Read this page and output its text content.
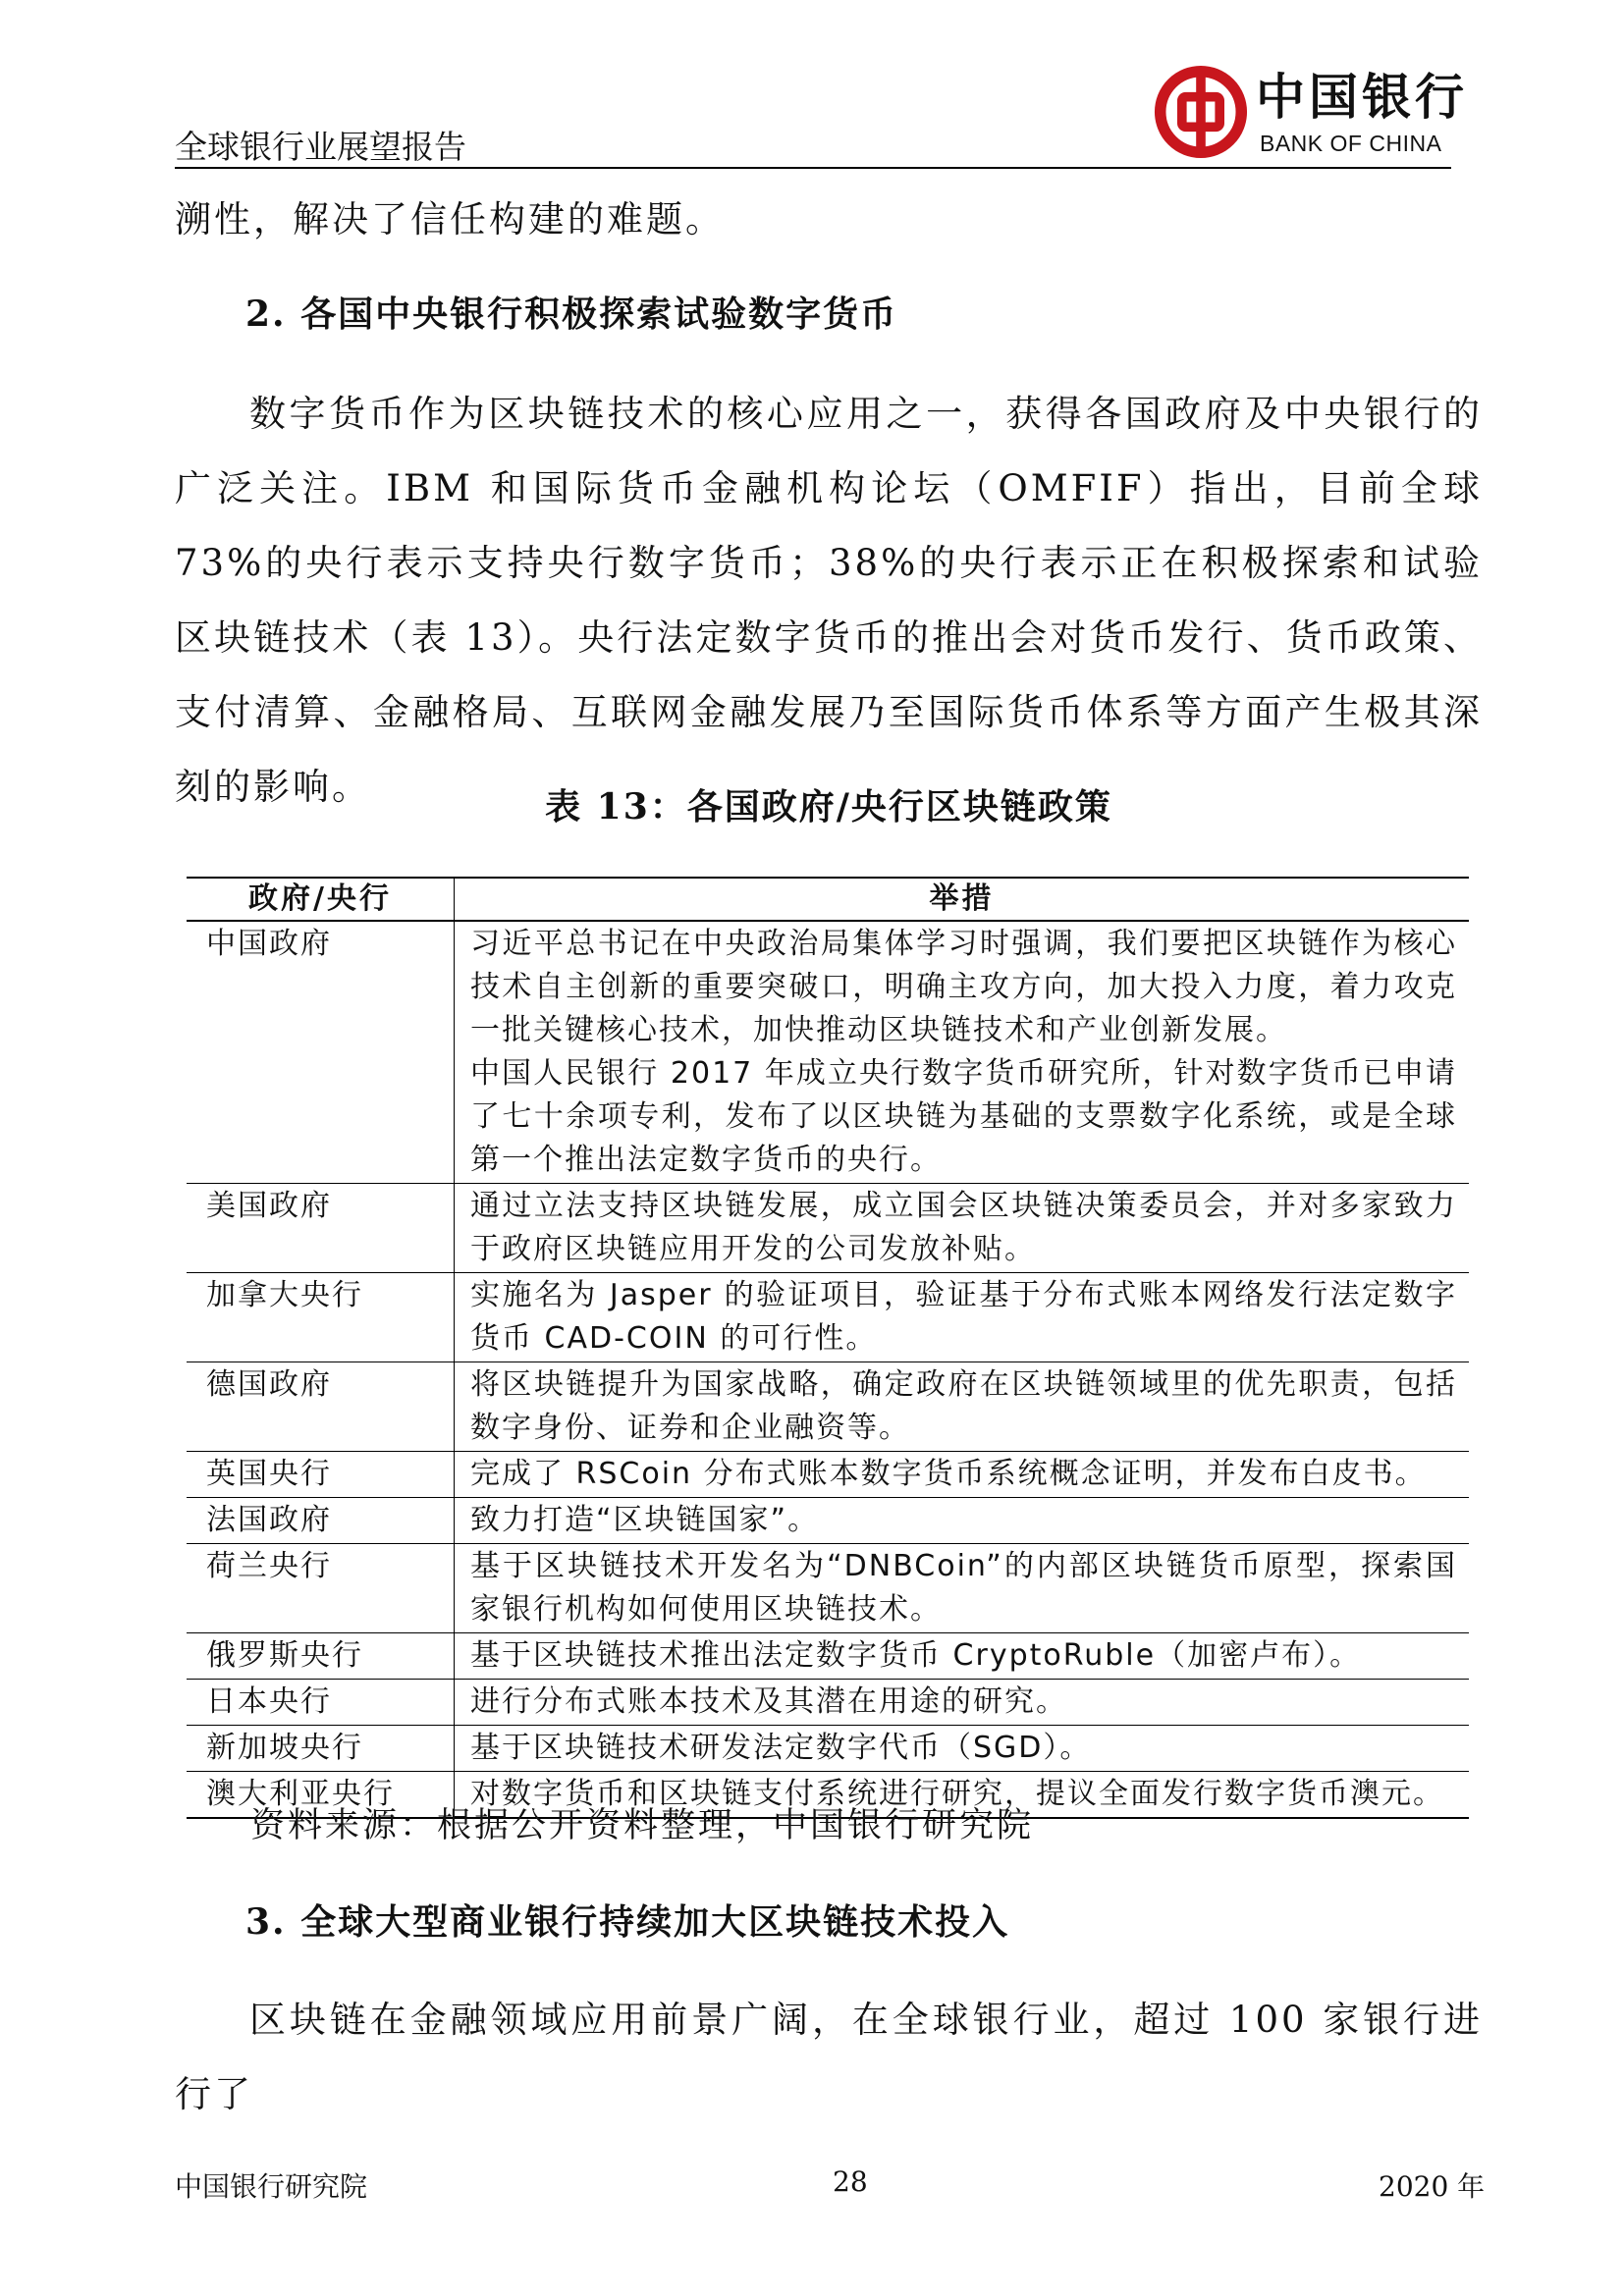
全球银行业展望报告
中国银行
BANK OF CHINA
溯性，解决了信任构建的难题。
2. 各国中央银行积极探索试验数字货币
数字货币作为区块链技术的核心应用之一，获得各国政府及中央银行的广泛关注。IBM 和国际货币金融机构论坛（OMFIF）指出，目前全球 73%的央行表示支持央行数字货币；38%的央行表示正在积极探索和试验区块链技术（表 13）。央行法定数字货币的推出会对货币发行、货币政策、支付清算、金融格局、互联网金融发展乃至国际货币体系等方面产生极其深刻的影响。	表 13：各国政府/央行区块链政策
政府/央行	举措
中国政府	习近平总书记在中央政治局集体学习时强调，我们要把区块链作为核心技术自主创新的重要突破口，明确主攻方向，加大投入力度，着力攻克一批关键核心技术，加快推动区块链技术和产业创新发展。
中国人民银行 2017 年成立央行数字货币研究所，针对数字货币已申请了七十余项专利，发布了以区块链为基础的支票数字化系统，或是全球第一个推出法定数字货币的央行。

美国政府	通过立法支持区块链发展，成立国会区块链决策委员会，并对多家致力于政府区块链应用开发的公司发放补贴。
加拿大央行	实施名为 Jasper 的验证项目，验证基于分布式账本网络发行法定数字货币 CAD-COIN 的可行性。
德国政府	将区块链提升为国家战略，确定政府在区块链领域里的优先职责，包括数字身份、证券和企业融资等。
英国央行	完成了 RSCoin 分布式账本数字货币系统概念证明，并发布白皮书。
法国政府	致力打造“区块链国家”。
荷兰央行	基于区块链技术开发名为“DNBCoin”的内部区块链货币原型，探索国家银行机构如何使用区块链技术。
俄罗斯央行	基于区块链技术推出法定数字货币 CryptoRuble（加密卢布）。
日本央行	进行分布式账本技术及其潜在用途的研究。
新加坡央行	基于区块链技术研发法定数字代币（SGD）。
澳大利亚央行	对数字货币和区块链支付系统进行研究，提议全面发行数字货币澳元。
资料来源：根据公开资料整理，中国银行研究院
3. 全球大型商业银行持续加大区块链技术投入
区块链在金融领域应用前景广阔，在全球银行业，超过 100 家银行进行了
中国银行研究院	28	2020 年
